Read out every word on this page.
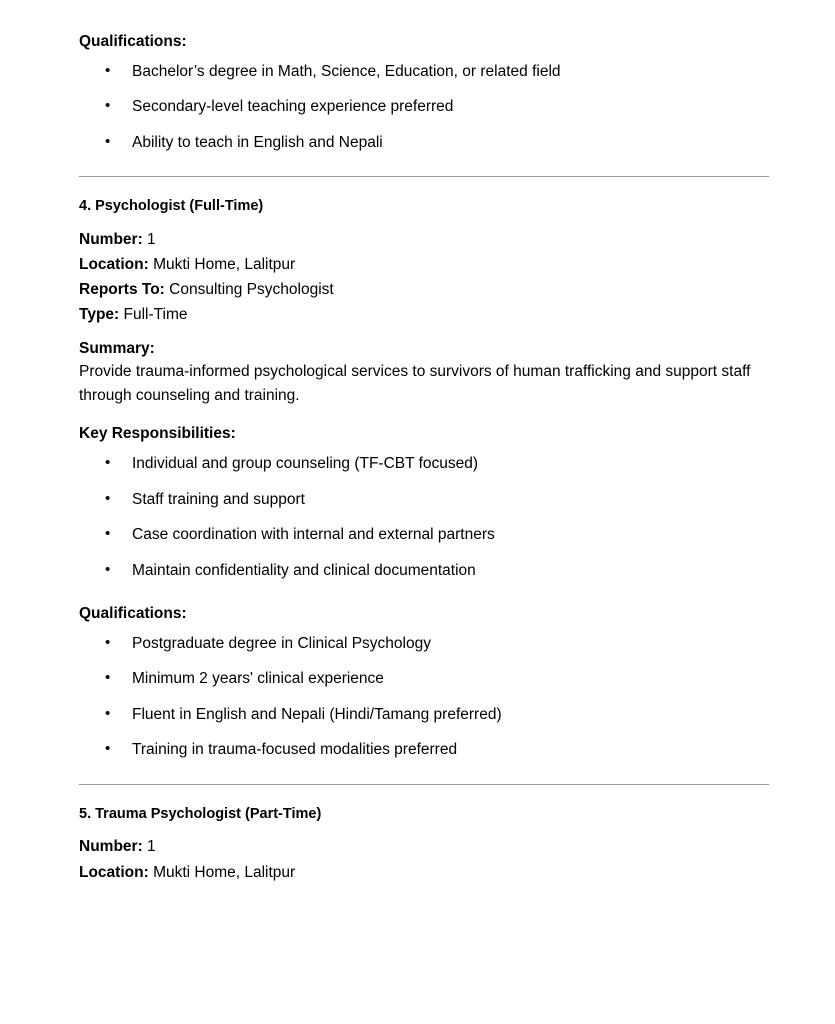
Qualifications:

• Bachelor’s degree in Math, Science, Education, or related field
• Secondary-level teaching experience preferred
• Ability to teach in English and Nepali

4. Psychologist (Full-Time)

Number: 1
Location: Mukti Home, Lalitpur
Reports To: Consulting Psychologist
Type: Full-Time

Summary:

Provide trauma-informed psychological services to survivors of human trafficking and support staff through counseling and training.

Key Responsibilities:

• Individual and group counseling (TF-CBT focused)
• Staff training and support
• Case coordination with internal and external partners
• Maintain confidentiality and clinical documentation

Qualifications:

• Postgraduate degree in Clinical Psychology
• Minimum 2 years' clinical experience
• Fluent in English and Nepali (Hindi/Tamang preferred)
• Training in trauma-focused modalities preferred

5. Trauma Psychologist (Part-Time)

Number: 1
Location: Mukti Home, Lalitpur
